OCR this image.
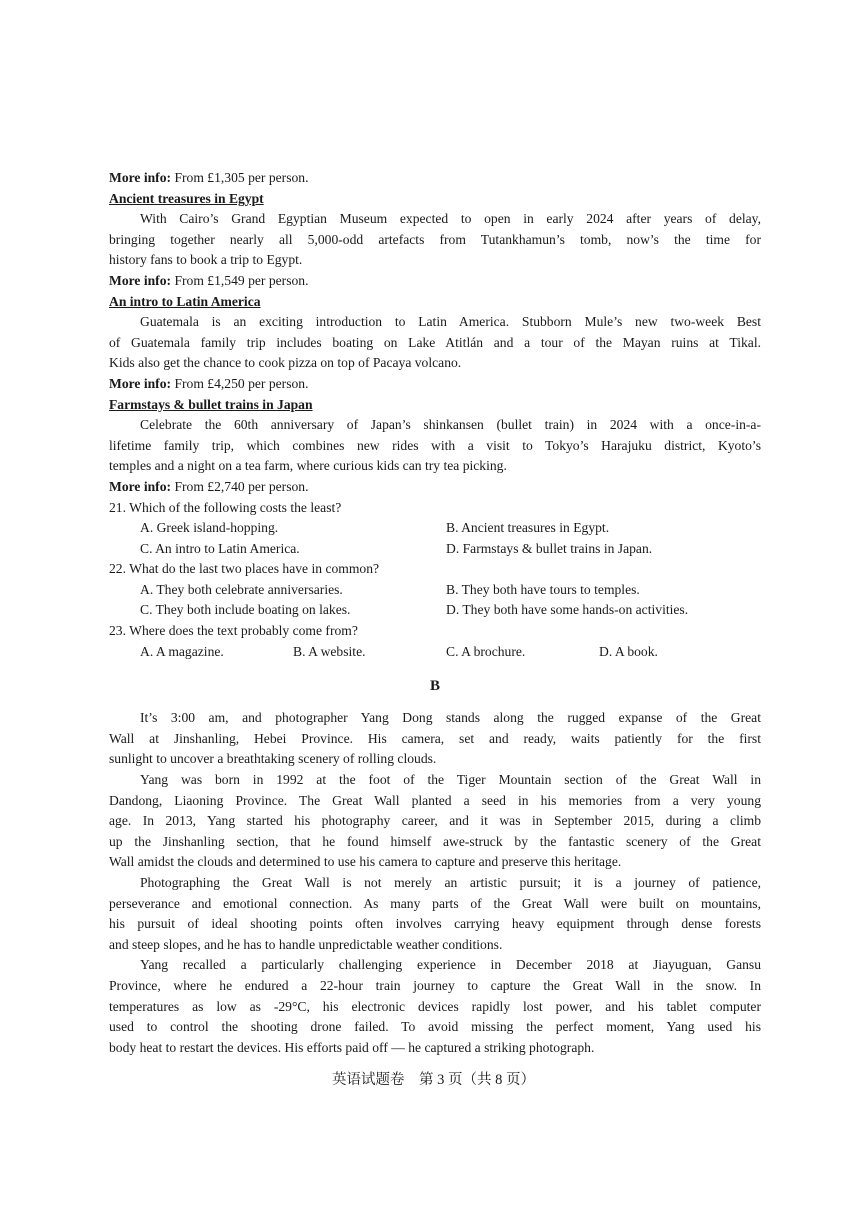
More info: From £1,305 per person.
Ancient treasures in Egypt
With Cairo’s Grand Egyptian Museum expected to open in early 2024 after years of delay,
bringing together nearly all 5,000-odd artefacts from Tutankhamun’s tomb, now’s the time for
history fans to book a trip to Egypt.
More info: From £1,549 per person.
An intro to Latin America
Guatemala is an exciting introduction to Latin America. Stubborn Mule’s new two-week Best
of Guatemala family trip includes boating on Lake Atitlán and a tour of the Mayan ruins at Tikal.
Kids also get the chance to cook pizza on top of Pacaya volcano.
More info: From £4,250 per person.
Farmstays & bullet trains in Japan
Celebrate the 60th anniversary of Japan’s shinkansen (bullet train) in 2024 with a once-in-a-
lifetime family trip, which combines new rides with a visit to Tokyo’s Harajuku district, Kyoto’s
temples and a night on a tea farm, where curious kids can try tea picking.
More info: From £2,740 per person.
21. Which of the following costs the least?
A. Greek island-hopping.	B. Ancient treasures in Egypt.
C. An intro to Latin America.	D. Farmstays & bullet trains in Japan.
22. What do the last two places have in common?
A. They both celebrate anniversaries.	B. They both have tours to temples.
C. They both include boating on lakes.	D. They both have some hands-on activities.
23. Where does the text probably come from?
A. A magazine.	B. A website.	C. A brochure.	D. A book.
B
It’s 3:00 am, and photographer Yang Dong stands along the rugged expanse of the Great
Wall at Jinshanling, Hebei Province. His camera, set and ready, waits patiently for the first
sunlight to uncover a breathtaking scenery of rolling clouds.
Yang was born in 1992 at the foot of the Tiger Mountain section of the Great Wall in
Dandong, Liaoning Province. The Great Wall planted a seed in his memories from a very young
age. In 2013, Yang started his photography career, and it was in September 2015, during a climb
up the Jinshanling section, that he found himself awe-struck by the fantastic scenery of the Great
Wall amidst the clouds and determined to use his camera to capture and preserve this heritage.
Photographing the Great Wall is not merely an artistic pursuit; it is a journey of patience,
perseverance and emotional connection. As many parts of the Great Wall were built on mountains,
his pursuit of ideal shooting points often involves carrying heavy equipment through dense forests
and steep slopes, and he has to handle unpredictable weather conditions.
Yang recalled a particularly challenging experience in December 2018 at Jiayuguan, Gansu
Province, where he endured a 22-hour train journey to capture the Great Wall in the snow. In
temperatures as low as -29°C, his electronic devices rapidly lost power, and his tablet computer
used to control the shooting drone failed. To avoid missing the perfect moment, Yang used his
body heat to restart the devices. His efforts paid off — he captured a striking photograph.
英语试题卷　第 3 页（共 8 页）
